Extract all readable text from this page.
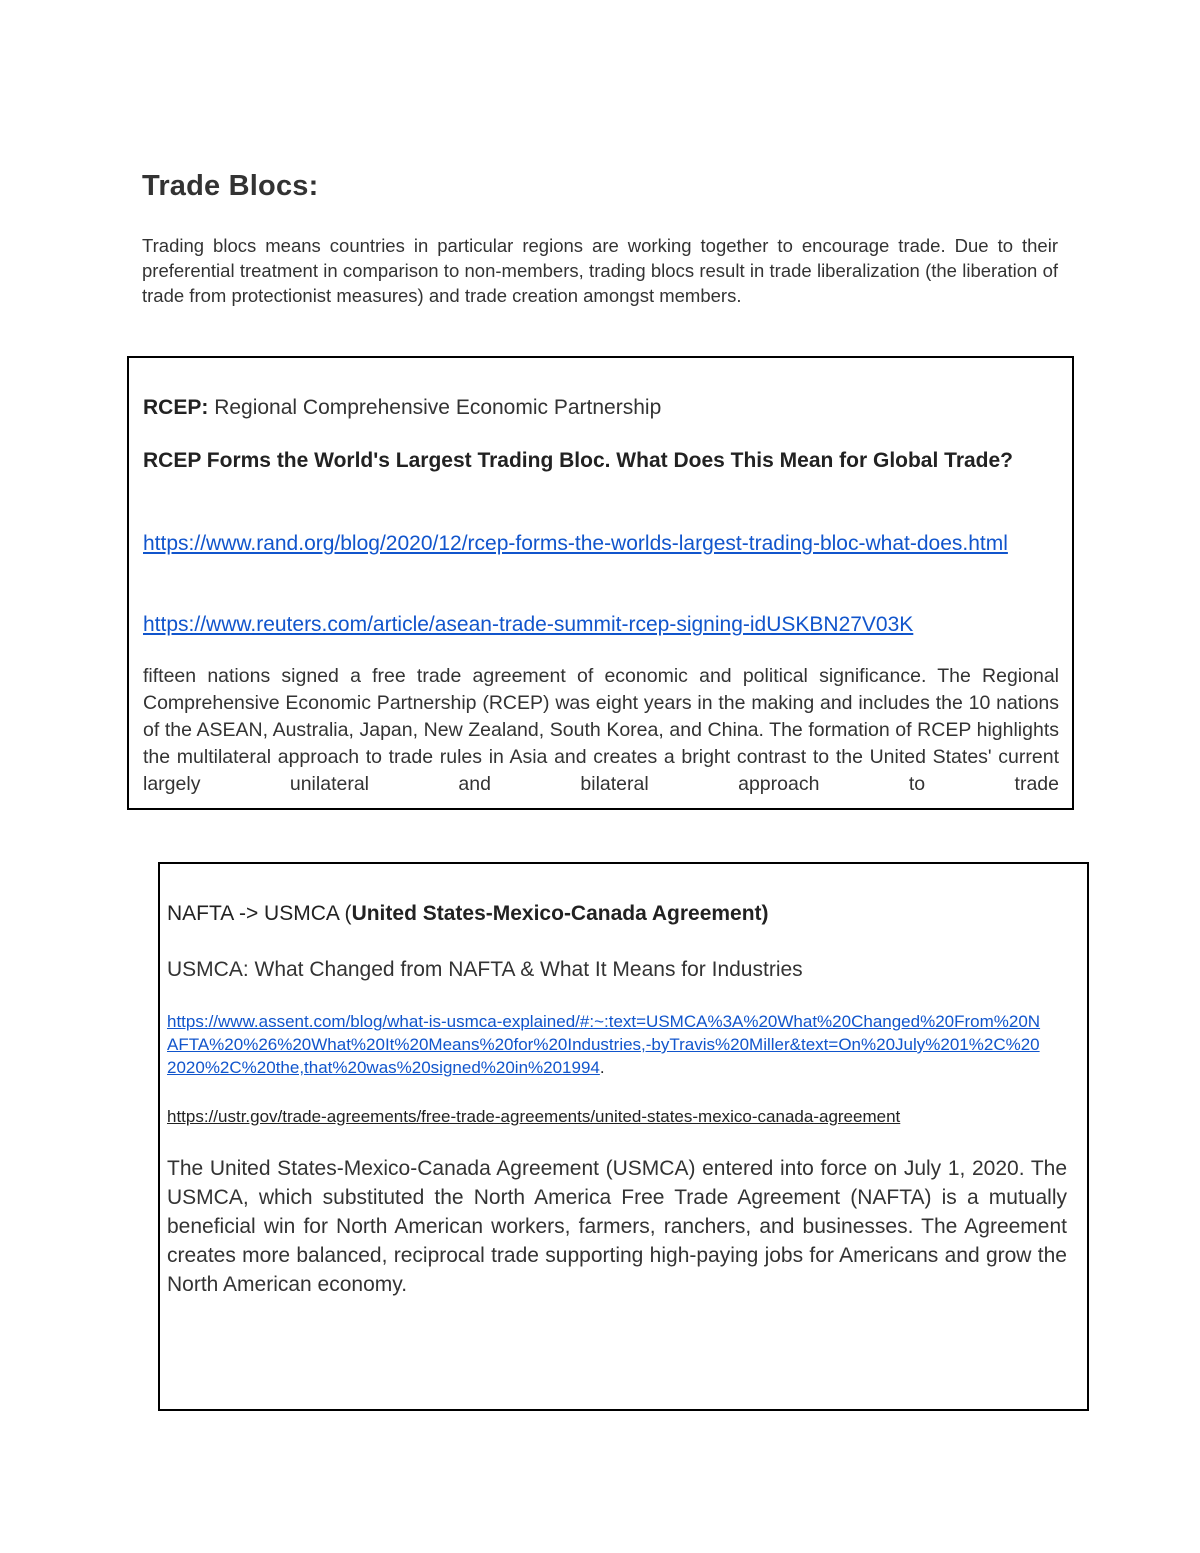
Trade Blocs:

Trading blocs means countries in particular regions are working together to encourage trade. Due to their preferential treatment in comparison to non-members, trading blocs result in trade liberalization (the liberation of trade from protectionist measures) and trade creation amongst members.

RCEP: Regional Comprehensive Economic Partnership

RCEP Forms the World's Largest Trading Bloc. What Does This Mean for Global Trade?

https://www.rand.org/blog/2020/12/rcep-forms-the-worlds-largest-trading-bloc-what-does.html

https://www.reuters.com/article/asean-trade-summit-rcep-signing-idUSKBN27V03K

fifteen nations signed a free trade agreement of economic and political significance. The Regional Comprehensive Economic Partnership (RCEP) was eight years in the making and includes the 10 nations of the ASEAN, Australia, Japan, New Zealand, South Korea, and China. The formation of RCEP highlights the multilateral approach to trade rules in Asia and creates a bright contrast to the United States' current largely unilateral and bilateral approach to trade

NAFTA -> USMCA (United States-Mexico-Canada Agreement)

USMCA: What Changed from NAFTA & What It Means for Industries

https://www.assent.com/blog/what-is-usmca-explained/#:~:text=USMCA%3A%20What%20Changed%20From%20NAFTA%20%26%20What%20It%20Means%20for%20Industries,-byTravis%20Miller&text=On%20July%201%2C%202020%2C%20the,that%20was%20signed%20in%201994.

https://ustr.gov/trade-agreements/free-trade-agreements/united-states-mexico-canada-agreement

The United States-Mexico-Canada Agreement (USMCA) entered into force on July 1, 2020. The USMCA, which substituted the North America Free Trade Agreement (NAFTA) is a mutually beneficial win for North American workers, farmers, ranchers, and businesses. The Agreement creates more balanced, reciprocal trade supporting high-paying jobs for Americans and grow the North American economy.
